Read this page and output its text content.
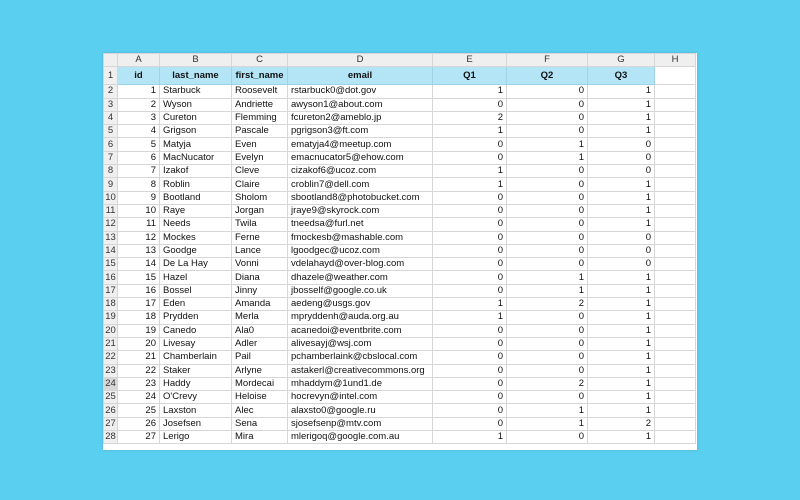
	A	B	C	D	E	F	G	H
1	id	last_name	first_name	email	Q1	Q2	Q3	
2	1	Starbuck	Roosevelt	rstarbuck0@dot.gov	1	0	1	
3	2	Wyson	Andriette	awyson1@about.com	0	0	1	
4	3	Cureton	Flemming	fcureton2@ameblo.jp	2	0	1	
5	4	Grigson	Pascale	pgrigson3@ft.com	1	0	1	
6	5	Matyja	Even	ematyja4@meetup.com	0	1	0	
7	6	MacNucator	Evelyn	emacnucator5@ehow.com	0	1	0	
8	7	Izakof	Cleve	cizakof6@ucoz.com	1	0	0	
9	8	Roblin	Claire	croblin7@dell.com	1	0	1	
10	9	Bootland	Sholom	sbootland8@photobucket.com	0	0	1	
11	10	Raye	Jorgan	jraye9@skyrock.com	0	0	1	
12	11	Needs	Twila	tneedsa@furl.net	0	0	1	
13	12	Mockes	Ferne	fmockesb@mashable.com	0	0	0	
14	13	Goodge	Lance	lgoodgec@ucoz.com	0	0	0	
15	14	De La Hay	Vonni	vdelahayd@over-blog.com	0	0	0	
16	15	Hazel	Diana	dhazele@weather.com	0	1	1	
17	16	Bossel	Jinny	jbosself@google.co.uk	0	1	1	
18	17	Eden	Amanda	aedeng@usgs.gov	1	2	1	
19	18	Prydden	Merla	mpryddenh@auda.org.au	1	0	1	
20	19	Canedo	Ala0	acanedoi@eventbrite.com	0	0	1	
21	20	Livesay	Adler	alivesayj@wsj.com	0	0	1	
22	21	Chamberlain	Pail	pchamberlaink@cbslocal.com	0	0	1	
23	22	Staker	Arlyne	astakerl@creativecommons.org	0	0	1	
24	23	Haddy	Mordecai	mhaddym@1und1.de	0	2	1	
25	24	O'Crevy	Heloise	hocrevyn@intel.com	0	0	1	
26	25	Laxston	Alec	alaxsto0@google.ru	0	1	1	
27	26	Josefsen	Sena	sjosefsenp@mtv.com	0	1	2	
28	27	Lerigo	Mira	mlerigoq@google.com.au	1	0	1	
